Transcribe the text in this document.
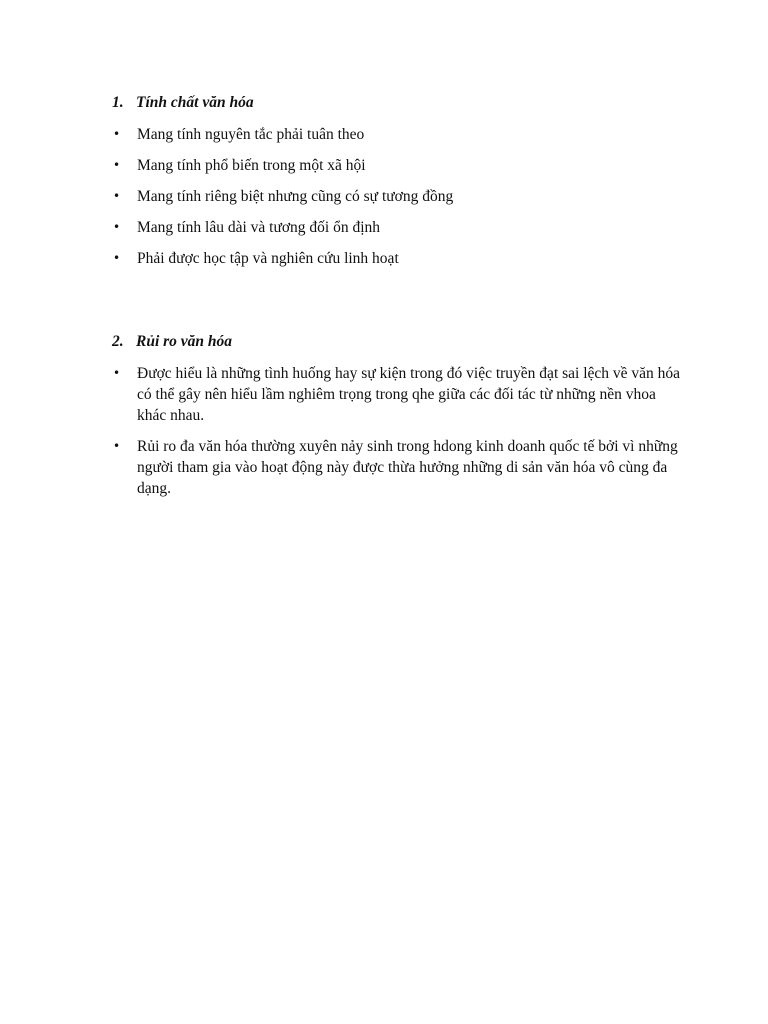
1. Tính chất văn hóa
•	Mang tính nguyên tắc phải tuân theo
•	Mang tính phổ biến trong một xã hội
•	Mang tính riêng biệt nhưng cũng có sự tương đồng
•	Mang tính lâu dài và tương đối ổn định
•	Phải được học tập và nghiên cứu linh hoạt
2. Rủi ro văn hóa
•	Được hiểu là những tình huống hay sự kiện trong đó việc truyền đạt sai lệch về văn hóa có thể gây nên hiểu lầm nghiêm trọng trong qhe giữa các đối tác từ những nền vhoa khác nhau.
•	Rủi ro đa văn hóa thường xuyên nảy sinh trong hdong kinh doanh quốc tế bởi vì những người tham gia vào hoạt động này được thừa hưởng những di sản văn hóa vô cùng đa dạng.
